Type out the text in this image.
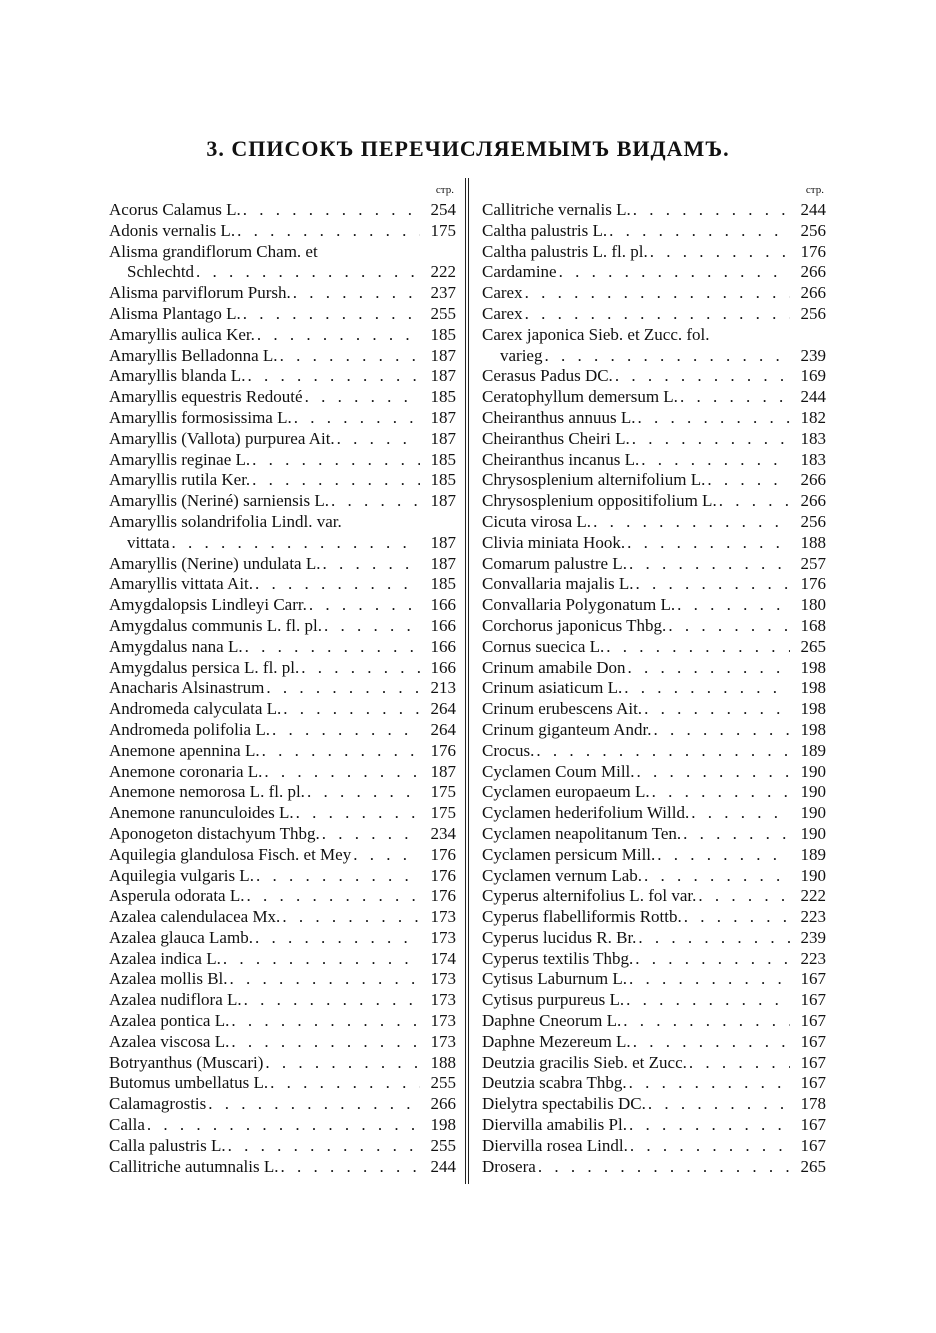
3. СПИСОКЪ ПЕРЕЧИСЛЯЕМЫМЪ ВИДАМЪ.
стр.
Acorus Calamus L. . . .	254
Adonis vernalis L. . . .	175
Alisma grandiflorum Cham. et
Schlechtd . . .	222
Alisma parviflorum Pursh. . . .	237
Alisma Plantago L. . . .	255
Amaryllis aulica Ker. . . .	185
Amaryllis Belladonna L. . . .	187
Amaryllis blanda L. . . .	187
Amaryllis equestris Redouté . . .	185
Amaryllis formosissima L. . . .	187
Amaryllis (Vallota) purpurea Ait. . . .	187
Amaryllis reginae L. . . .	185
Amaryllis rutila Ker. . . .	185
Amaryllis (Neriné) sarniensis L. . . .	187
Amaryllis solandrifolia Lindl. var.
vittata . . .	187
Amaryllis (Nerine) undulata L. . . .	187
Amaryllis vittata Ait. . . .	185
Amygdalopsis Lindleyi Carr. . . .	166
Amygdalus communis L. fl. pl. . . .	166
Amygdalus nana L. . . .	166
Amygdalus persica L. fl. pl. . . .	166
Anacharis Alsinastrum . . .	213
Andromeda calyculata L. . . .	264
Andromeda polifolia L. . . .	264
Anemone apennina L. . . .	176
Anemone coronaria L. . . .	187
Anemone nemorosa L. fl. pl. . . .	175
Anemone ranunculoides L. . . .	175
Aponogeton distachyum Thbg. . . .	234
Aquilegia glandulosa Fisch. et Mey . . .	176
Aquilegia vulgaris L. . . .	176
Asperula odorata L. . . .	176
Azalea calendulacea Mx. . . .	173
Azalea glauca Lamb. . . .	173
Azalea indica L. . . .	174
Azalea mollis Bl. . . .	173
Azalea nudiflora L. . . .	173
Azalea pontica L. . . .	173
Azalea viscosa L. . . .	173
Botryanthus (Muscari) . . .	188
Butomus umbellatus L. . . .	255
Calamagrostis . . .	266
Calla . . .	198
Calla palustris L. . . .	255
Callitriche autumnalis L. . . .	244
стр.
Callitriche vernalis L. . . .	244
Caltha palustris L. . . .	256
Caltha palustris L. fl. pl. . . .	176
Cardamine . . .	266
Carex . . .	266
Carex . . .	256
Carex japonica Sieb. et Zucc. fol.
varieg . . .	239
Cerasus Padus DC. . . .	169
Ceratophyllum demersum L. . . .	244
Cheiranthus annuus L. . . .	182
Cheiranthus Cheiri L. . . .	183
Cheiranthus incanus L. . . .	183
Chrysosplenium alternifolium L. . . .	266
Chrysosplenium oppositifolium L. . . .	266
Cicuta virosa L. . . .	256
Clivia miniata Hook. . . .	188
Comarum palustre L. . . .	257
Convallaria majalis L. . . .	176
Convallaria Polygonatum L. . . .	180
Corchorus japonicus Thbg. . . .	168
Cornus suecica L. . . .	265
Crinum amabile Don . . .	198
Crinum asiaticum L. . . .	198
Crinum erubescens Ait. . . .	198
Crinum giganteum Andr. . . .	198
Crocus. . . .	189
Cyclamen Coum Mill. . . .	190
Cyclamen europaeum L. . . .	190
Cyclamen hederifolium Willd. . . .	190
Cyclamen neapolitanum Ten. . . .	190
Cyclamen persicum Mill. . . .	189
Cyclamen vernum Lab. . . .	190
Cyperus alternifolius L. fol var. . . .	222
Cyperus flabelliformis Rottb. . . .	223
Cyperus lucidus R. Br. . . .	239
Cyperus textilis Thbg. . . .	223
Cytisus Laburnum L. . . .	167
Cytisus purpureus L. . . .	167
Daphne Cneorum L. . . .	167
Daphne Mezereum L. . . .	167
Deutzia gracilis Sieb. et Zucc. . . .	167
Deutzia scabra Thbg. . . .	167
Dielytra spectabilis DC. . . .	178
Diervilla amabilis Pl. . . .	167
Diervilla rosea Lindl. . . .	167
Drosera . . .	265
